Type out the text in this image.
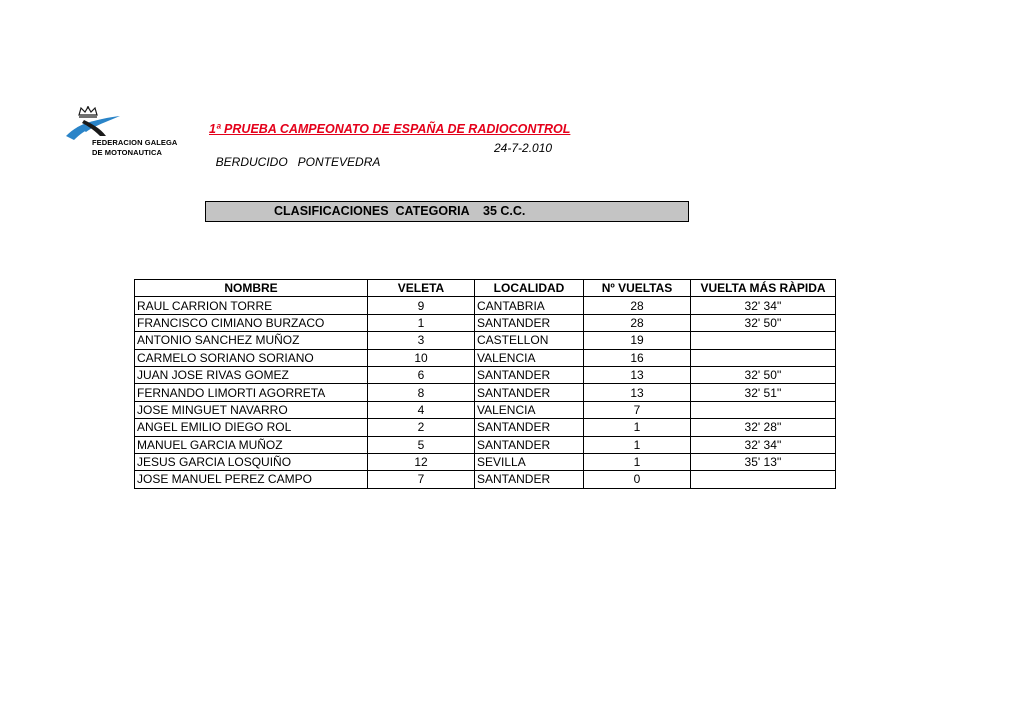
FEDERACION GALEGA
DE MOTONAUTICA
1ª PRUEBA CAMPEONATO DE ESPAÑA DE RADIOCONTROL

BERDUCIDO   PONTEVEDRA

24-7-2.010

CLASIFICACIONES  CATEGORIA    35 C.C.
NOMBRE	VELETA	LOCALIDAD	Nº VUELTAS	VUELTA MÁS RÀPIDA
RAUL CARRION TORRE	9	CANTABRIA	28	32' 34''
FRANCISCO CIMIANO BURZACO	1	SANTANDER	28	32' 50''
ANTONIO SANCHEZ MUÑOZ	3	CASTELLON	19	
CARMELO SORIANO SORIANO	10	VALENCIA	16	
JUAN JOSE RIVAS GOMEZ	6	SANTANDER	13	32' 50''
FERNANDO LIMORTI AGORRETA	8	SANTANDER	13	32' 51''
JOSE MINGUET NAVARRO	4	VALENCIA	7	
ANGEL EMILIO DIEGO ROL	2	SANTANDER	1	32' 28''
MANUEL GARCIA MUÑOZ	5	SANTANDER	1	32' 34''
JESUS GARCIA LOSQUIÑO	12	SEVILLA	1	35' 13''
JOSE MANUEL PEREZ CAMPO	7	SANTANDER	0	
